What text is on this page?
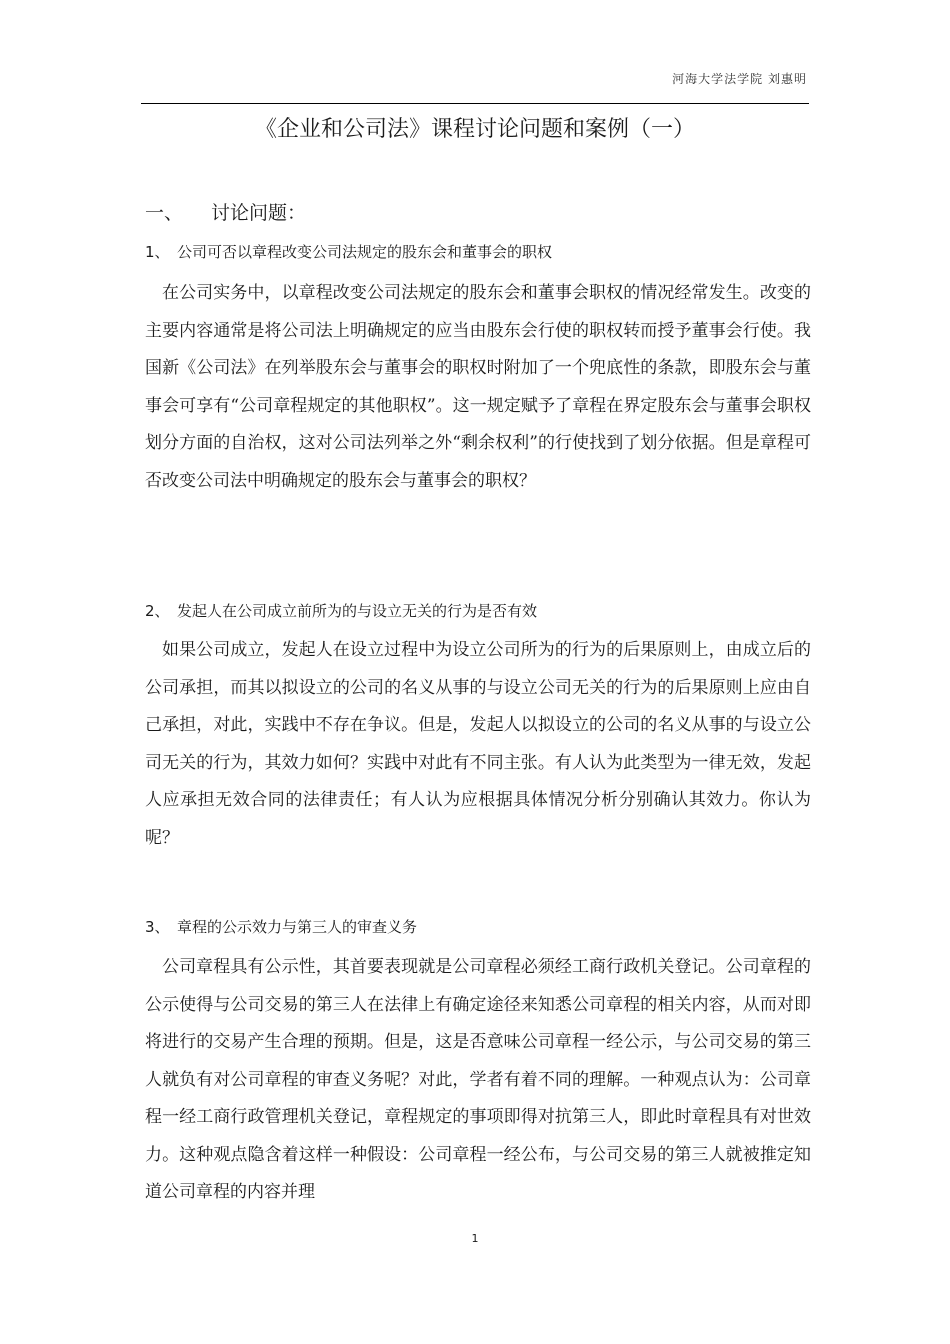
河海大学法学院 刘惠明
《企业和公司法》课程讨论问题和案例（一）
一、 讨论问题：
1、 公司可否以章程改变公司法规定的股东会和董事会的职权

在公司实务中，以章程改变公司法规定的股东会和董事会职权的情况经常发生。改变的主要内容通常是将公司法上明确规定的应当由股东会行使的职权转而授予董事会行使。我国新《公司法》在列举股东会与董事会的职权时附加了一个兜底性的条款，即股东会与董事会可享有“公司章程规定的其他职权”。这一规定赋予了章程在界定股东会与董事会职权划分方面的自治权，这对公司法列举之外“剩余权利”的行使找到了划分依据。但是章程可否改变公司法中明确规定的股东会与董事会的职权？

2、 发起人在公司成立前所为的与设立无关的行为是否有效

如果公司成立，发起人在设立过程中为设立公司所为的行为的后果原则上，由成立后的公司承担，而其以拟设立的公司的名义从事的与设立公司无关的行为的后果原则上应由自己承担，对此，实践中不存在争议。但是，发起人以拟设立的公司的名义从事的与设立公司无关的行为，其效力如何？实践中对此有不同主张。有人认为此类型为一律无效，发起人应承担无效合同的法律责任；有人认为应根据具体情况分析分别确认其效力。你认为呢？

3、 章程的公示效力与第三人的审查义务

公司章程具有公示性，其首要表现就是公司章程必须经工商行政机关登记。公司章程的公示使得与公司交易的第三人在法律上有确定途径来知悉公司章程的相关内容，从而对即将进行的交易产生合理的预期。但是，这是否意味公司章程一经公示，与公司交易的第三人就负有对公司章程的审查义务呢？对此，学者有着不同的理解。一种观点认为：公司章程一经工商行政管理机关登记，章程规定的事项即得对抗第三人，即此时章程具有对世效力。这种观点隐含着这样一种假设：公司章程一经公布，与公司交易的第三人就被推定知道公司章程的内容并理

1
